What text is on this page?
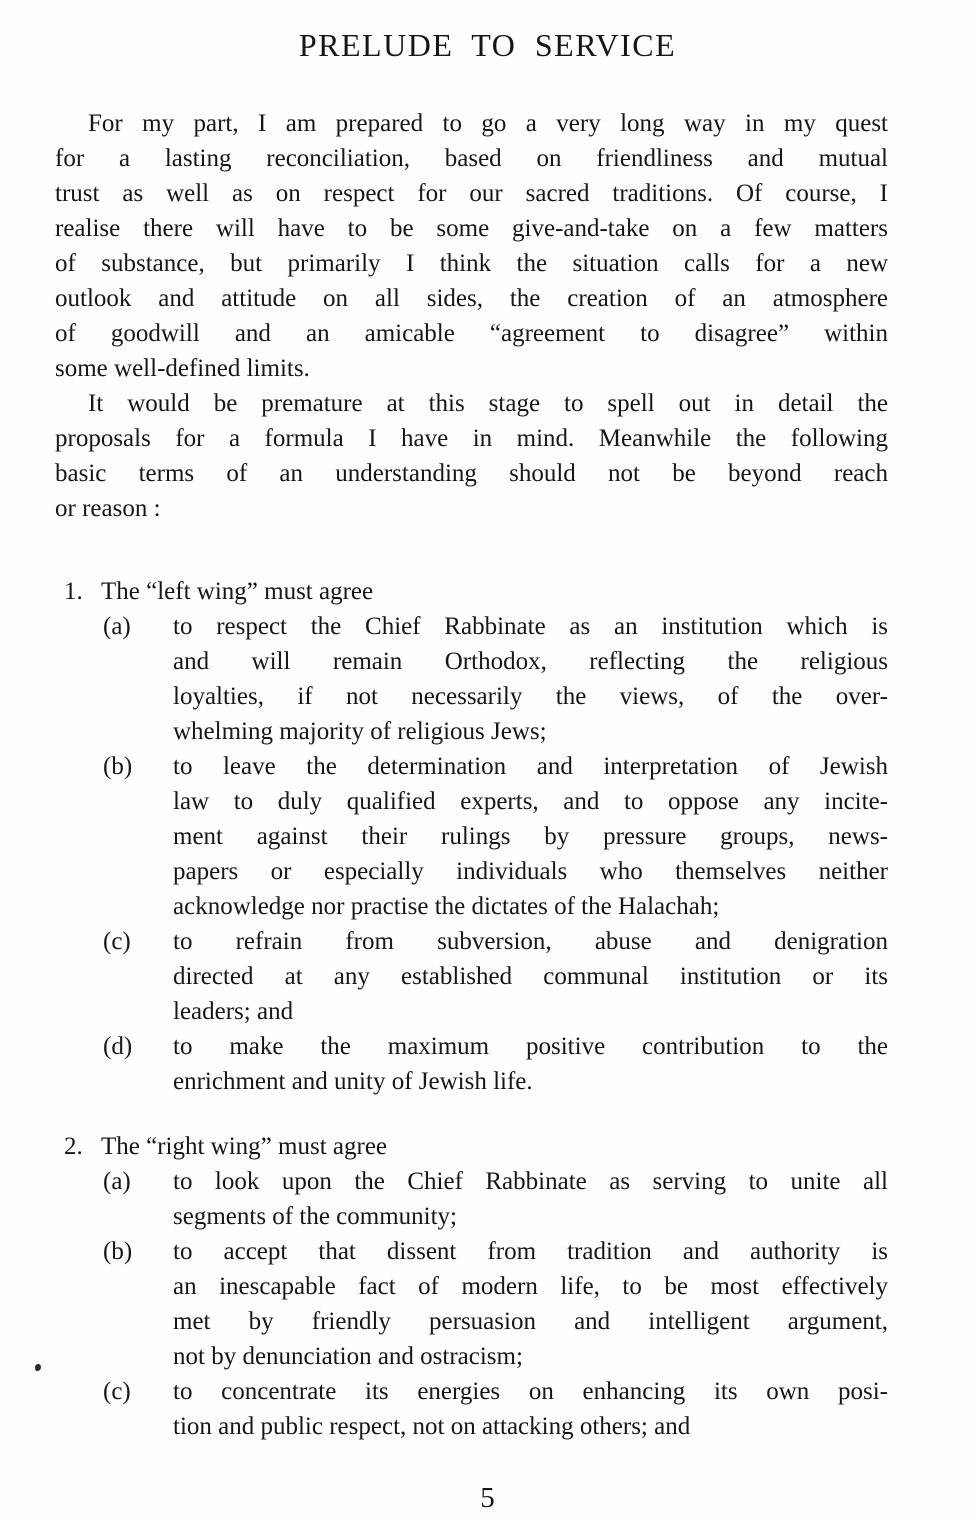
PRELUDE TO SERVICE
For my part, I am prepared to go a very long way in my quest
for a lasting reconciliation, based on friendliness and mutual
trust as well as on respect for our sacred traditions. Of course, I
realise there will have to be some give-and-take on a few matters
of substance, but primarily I think the situation calls for a new
outlook and attitude on all sides, the creation of an atmosphere
of goodwill and an amicable “agreement to disagree” within
some well-defined limits.
It would be premature at this stage to spell out in detail the
proposals for a formula I have in mind. Meanwhile the following
basic terms of an understanding should not be beyond reach
or reason :
1. The “left wing” must agree
(a)	to respect the Chief Rabbinate as an institution which is
and will remain Orthodox, reflecting the religious
loyalties, if not necessarily the views, of the over-
whelming majority of religious Jews;
(b)	to leave the determination and interpretation of Jewish
law to duly qualified experts, and to oppose any incite-
ment against their rulings by pressure groups, news-
papers or especially individuals who themselves neither
acknowledge nor practise the dictates of the Halachah;
(c)	to refrain from subversion, abuse and denigration
directed at any established communal institution or its
leaders; and
(d)	to make the maximum positive contribution to the
enrichment and unity of Jewish life.
2. The “right wing” must agree
(a)	to look upon the Chief Rabbinate as serving to unite all
segments of the community;
(b)	to accept that dissent from tradition and authority is
an inescapable fact of modern life, to be most effectively
met by friendly persuasion and intelligent argument,
not by denunciation and ostracism;
(c)	to concentrate its energies on enhancing its own posi-
tion and public respect, not on attacking others; and
5
